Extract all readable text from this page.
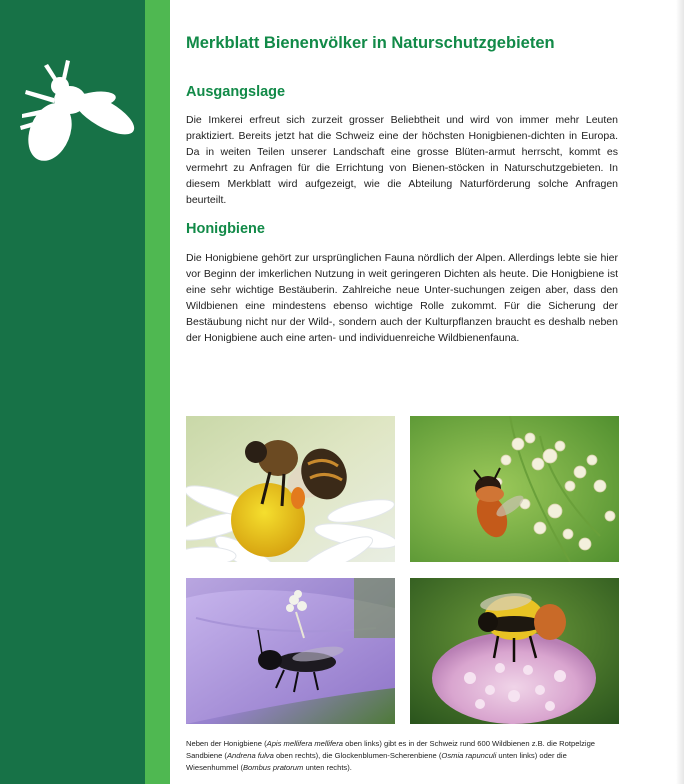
Merkblatt Bienenvölker in Naturschutzgebieten
Ausgangslage

Die Imkerei erfreut sich zurzeit grosser Beliebtheit und wird von immer mehr Leuten praktiziert. Bereits jetzt hat die Schweiz eine der höchsten Honigbienen-dichten in Europa. Da in weiten Teilen unserer Landschaft eine grosse Blüten-armut herrscht, kommt es vermehrt zu Anfragen für die Errichtung von Bienen-stöcken in Naturschutzgebieten. In diesem Merkblatt wird aufgezeigt, wie die Abteilung Naturförderung solche Anfragen beurteilt.

Honigbiene

Die Honigbiene gehört zur ursprünglichen Fauna nördlich der Alpen. Allerdings lebte sie hier vor Beginn der imkerlichen Nutzung in weit geringeren Dichten als heute. Die Honigbiene ist eine sehr wichtige Bestäuberin. Zahlreiche neue Unter-suchungen zeigen aber, dass den Wildbienen eine mindestens ebenso wichtige Rolle zukommt. Für die Sicherung der Bestäubung nicht nur der Wild-, sondern auch der Kulturpflanzen braucht es deshalb neben der Honigbiene auch eine arten- und individuenreiche Wildbienenfauna.

Neben der Honigbiene (Apis mellifera mellifera oben links) gibt es in der Schweiz rund 600 Wildbienen z.B. die Rotpelzige Sandbiene (Andrena fulva oben rechts), die Glockenblumen-Scherenbiene (Osmia rapunculi unten links) oder die Wiesenhummel (Bombus pratorum unten rechts).
